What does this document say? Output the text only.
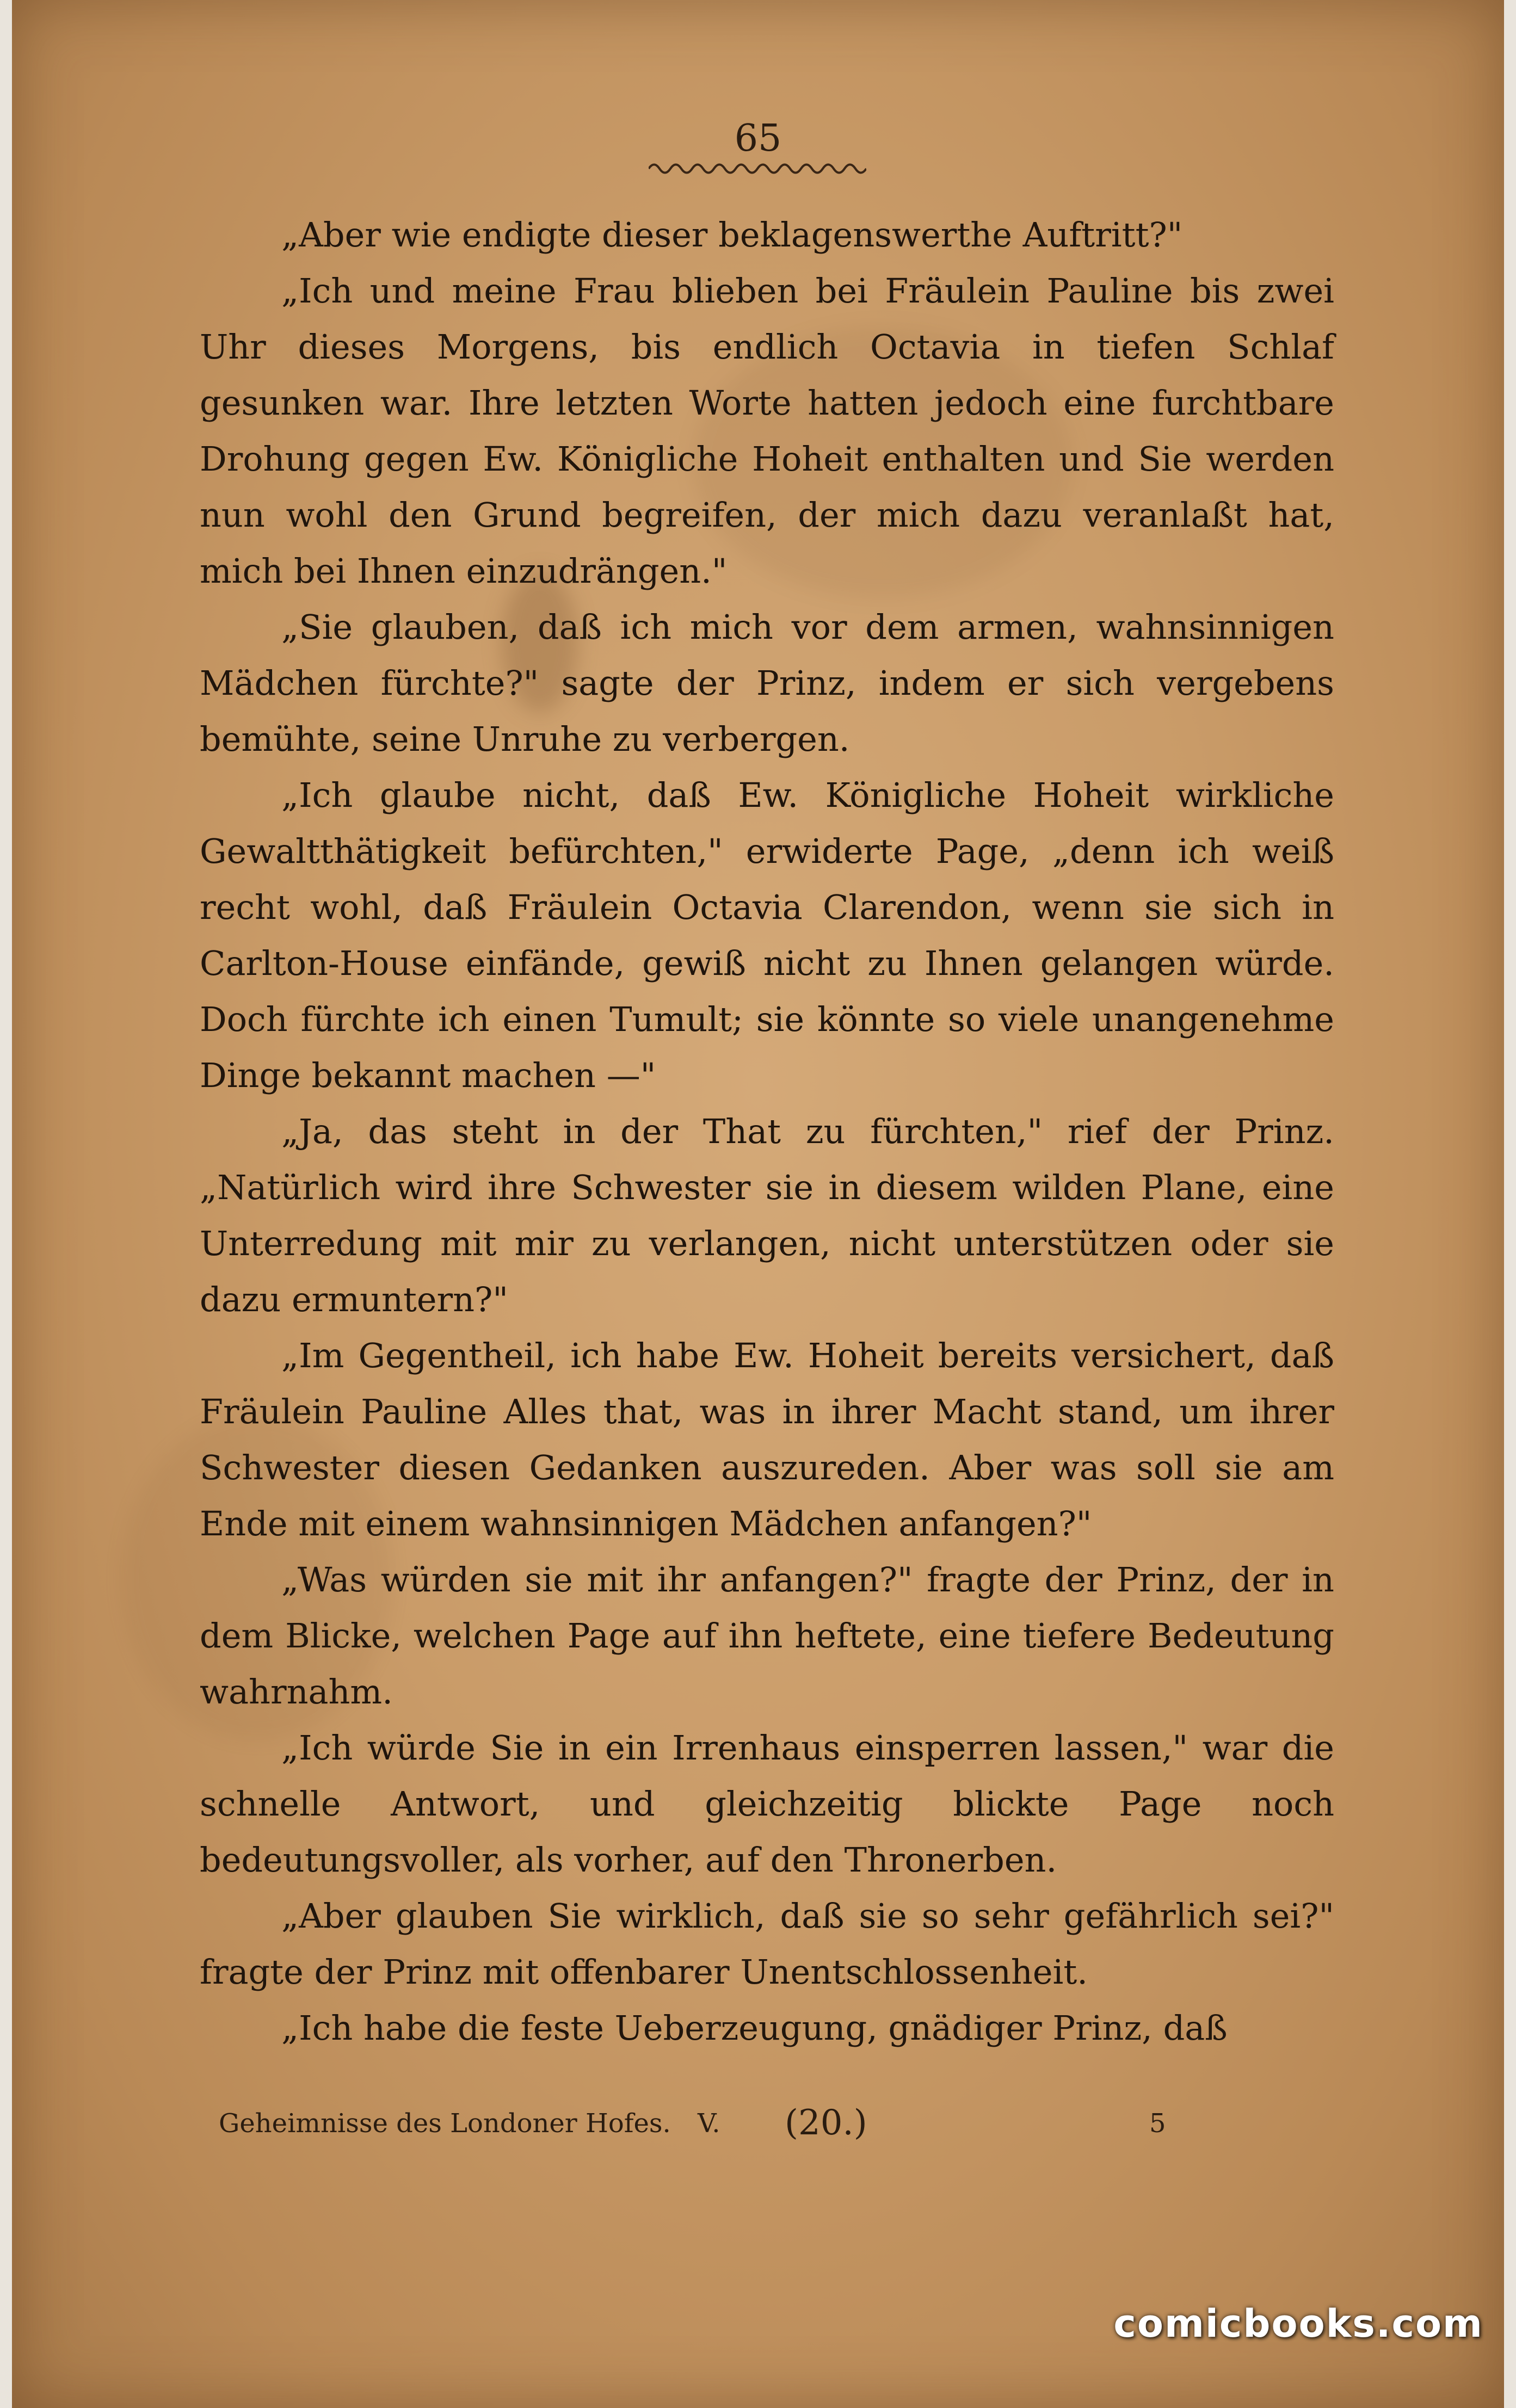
65

„Aber wie endigte dieser beklagenswerthe Auftritt?"

„Ich und meine Frau blieben bei Fräulein Pauline bis zwei Uhr dieses Morgens, bis endlich Octavia in tiefen Schlaf gesunken war. Ihre letzten Worte hatten jedoch eine furchtbare Drohung gegen Ew. Königliche Hoheit enthalten und Sie werden nun wohl den Grund begreifen, der mich dazu veranlaßt hat, mich bei Ihnen einzudrängen."

„Sie glauben, daß ich mich vor dem armen, wahnsinnigen Mädchen fürchte?" sagte der Prinz, indem er sich vergebens bemühte, seine Unruhe zu verbergen.

„Ich glaube nicht, daß Ew. Königliche Hoheit wirkliche Gewaltthätigkeit befürchten," erwiderte Page, „denn ich weiß recht wohl, daß Fräulein Octavia Clarendon, wenn sie sich in Carlton-House einfände, gewiß nicht zu Ihnen gelangen würde. Doch fürchte ich einen Tumult; sie könnte so viele unangenehme Dinge bekannt machen —"

„Ja, das steht in der That zu fürchten," rief der Prinz. „Natürlich wird ihre Schwester sie in diesem wilden Plane, eine Unterredung mit mir zu verlangen, nicht unterstützen oder sie dazu ermuntern?"

„Im Gegentheil, ich habe Ew. Hoheit bereits versichert, daß Fräulein Pauline Alles that, was in ihrer Macht stand, um ihrer Schwester diesen Gedanken auszureden. Aber was soll sie am Ende mit einem wahnsinnigen Mädchen anfangen?"

„Was würden sie mit ihr anfangen?" fragte der Prinz, der in dem Blicke, welchen Page auf ihn heftete, eine tiefere Bedeutung wahrnahm.

„Ich würde Sie in ein Irrenhaus einsperren lassen," war die schnelle Antwort, und gleichzeitig blickte Page noch bedeutungsvoller, als vorher, auf den Thronerben.

„Aber glauben Sie wirklich, daß sie so sehr gefährlich sei?" fragte der Prinz mit offenbarer Unentschlossenheit.

„Ich habe die feste Ueberzeugung, gnädiger Prinz, daß

Geheimnisse des Londoner Hofes. V. (20.)	5
comicbooks.com
